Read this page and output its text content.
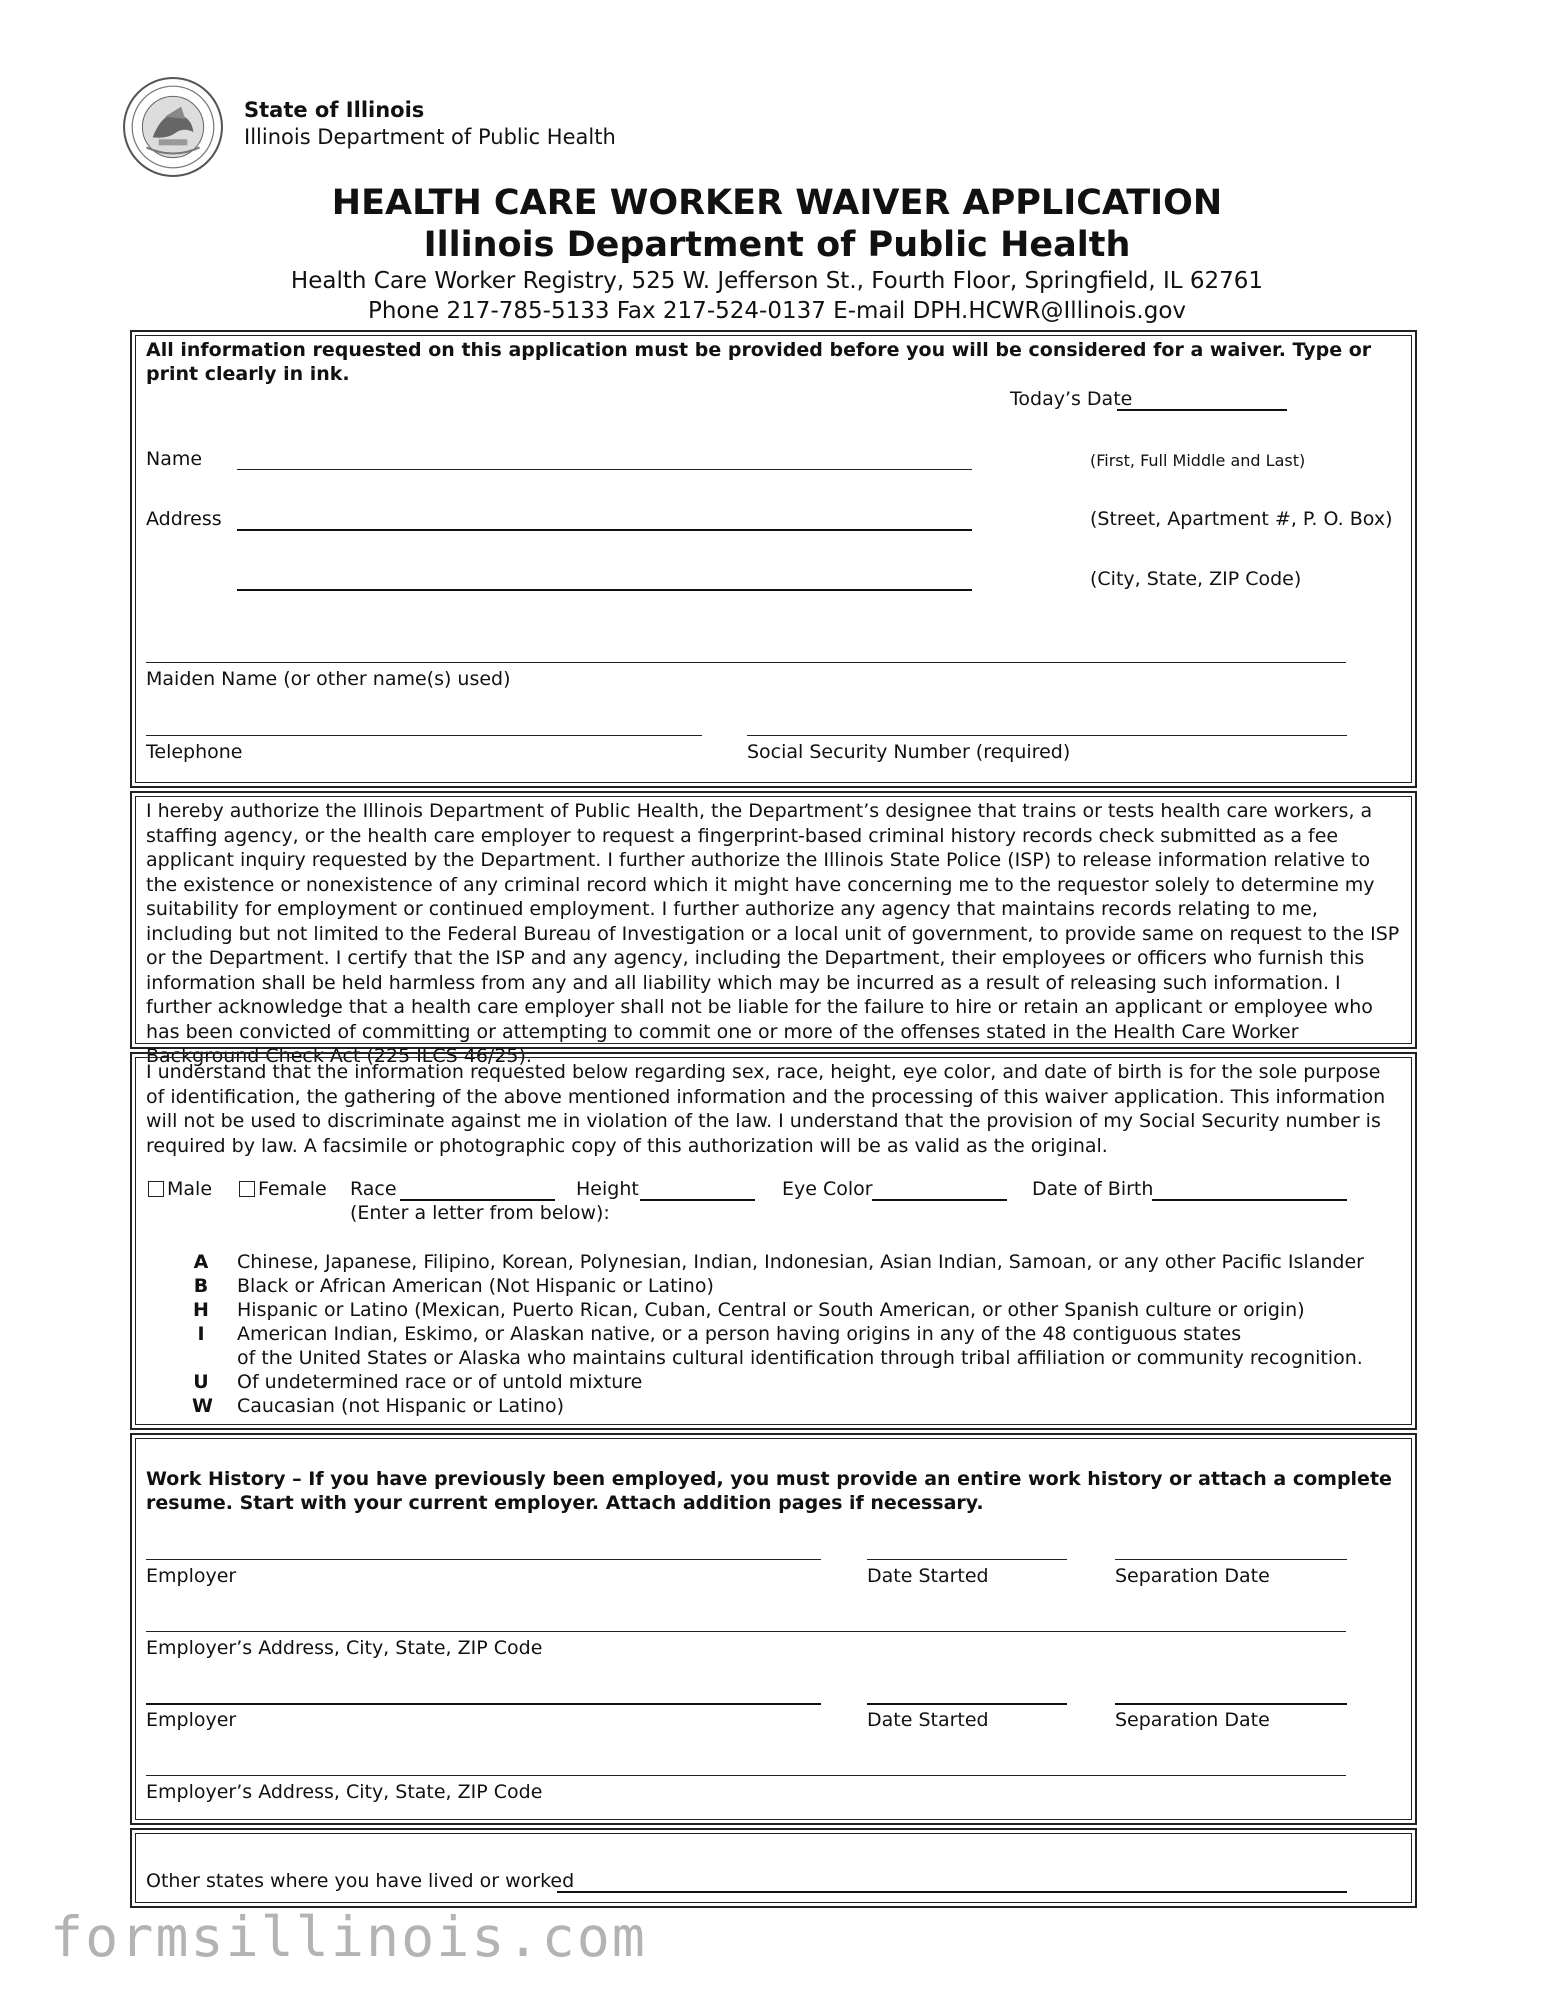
State of Illinois
Illinois Department of Public Health
HEALTH CARE WORKER WAIVER APPLICATION
Illinois Department of Public Health
Health Care Worker Registry, 525 W. Jefferson St., Fourth Floor, Springfield, IL 62761
Phone 217-785-5133 Fax 217-524-0137 E-mail DPH.HCWR@Illinois.gov
All information requested on this application must be provided before you will be considered for a waiver. Type or print clearly in ink.
Today’s Date
Name	(First, Full Middle and Last)
Address	(Street, Apartment #, P. O. Box)
(City, State, ZIP Code)
Maiden Name (or other name(s) used)
Telephone	Social Security Number (required)
I hereby authorize the Illinois Department of Public Health, the Department’s designee that trains or tests health care workers, a staffing agency, or the health care employer to request a fingerprint-based criminal history records check submitted as a fee applicant inquiry requested by the Department. I further authorize the Illinois State Police (ISP) to release information relative to the existence or nonexistence of any criminal record which it might have concerning me to the requestor solely to determine my suitability for employment or continued employment. I further authorize any agency that maintains records relating to me, including but not limited to the Federal Bureau of Investigation or a local unit of government, to provide same on request to the ISP or the Department. I certify that the ISP and any agency, including the Department, their employees or officers who furnish this information shall be held harmless from any and all liability which may be incurred as a result of releasing such information. I further acknowledge that a health care employer shall not be liable for the failure to hire or retain an applicant or employee who has been convicted of committing or attempting to commit one or more of the offenses stated in the Health Care Worker Background Check Act (225 ILCS 46/25).
I understand that the information requested below regarding sex, race, height, eye color, and date of birth is for the sole purpose of identification, the gathering of the above mentioned information and the processing of this waiver application. This information will not be used to discriminate against me in violation of the law. I understand that the provision of my Social Security number is required by law. A facsimile or photographic copy of this authorization will be as valid as the original.
Male Female Race
(Enter a letter from below):
Height	Eye Color	Date of Birth
A Chinese, Japanese, Filipino, Korean, Polynesian, Indian, Indonesian, Asian Indian, Samoan, or any other Pacific Islander
B Black or African American (Not Hispanic or Latino)
H Hispanic or Latino (Mexican, Puerto Rican, Cuban, Central or South American, or other Spanish culture or origin)
I American Indian, Eskimo, or Alaskan native, or a person having origins in any of the 48 contiguous states
of the United States or Alaska who maintains cultural identification through tribal affiliation or community recognition.
U Of undetermined race or of untold mixture
W Caucasian (not Hispanic or Latino)
Work History – If you have previously been employed, you must provide an entire work history or attach a complete resume. Start with your current employer. Attach addition pages if necessary.
Employer	Date Started	Separation Date
Employer’s Address, City, State, ZIP Code
Employer	Date Started	Separation Date
Employer’s Address, City, State, ZIP Code
Other states where you have lived or worked
formsillinois.com
